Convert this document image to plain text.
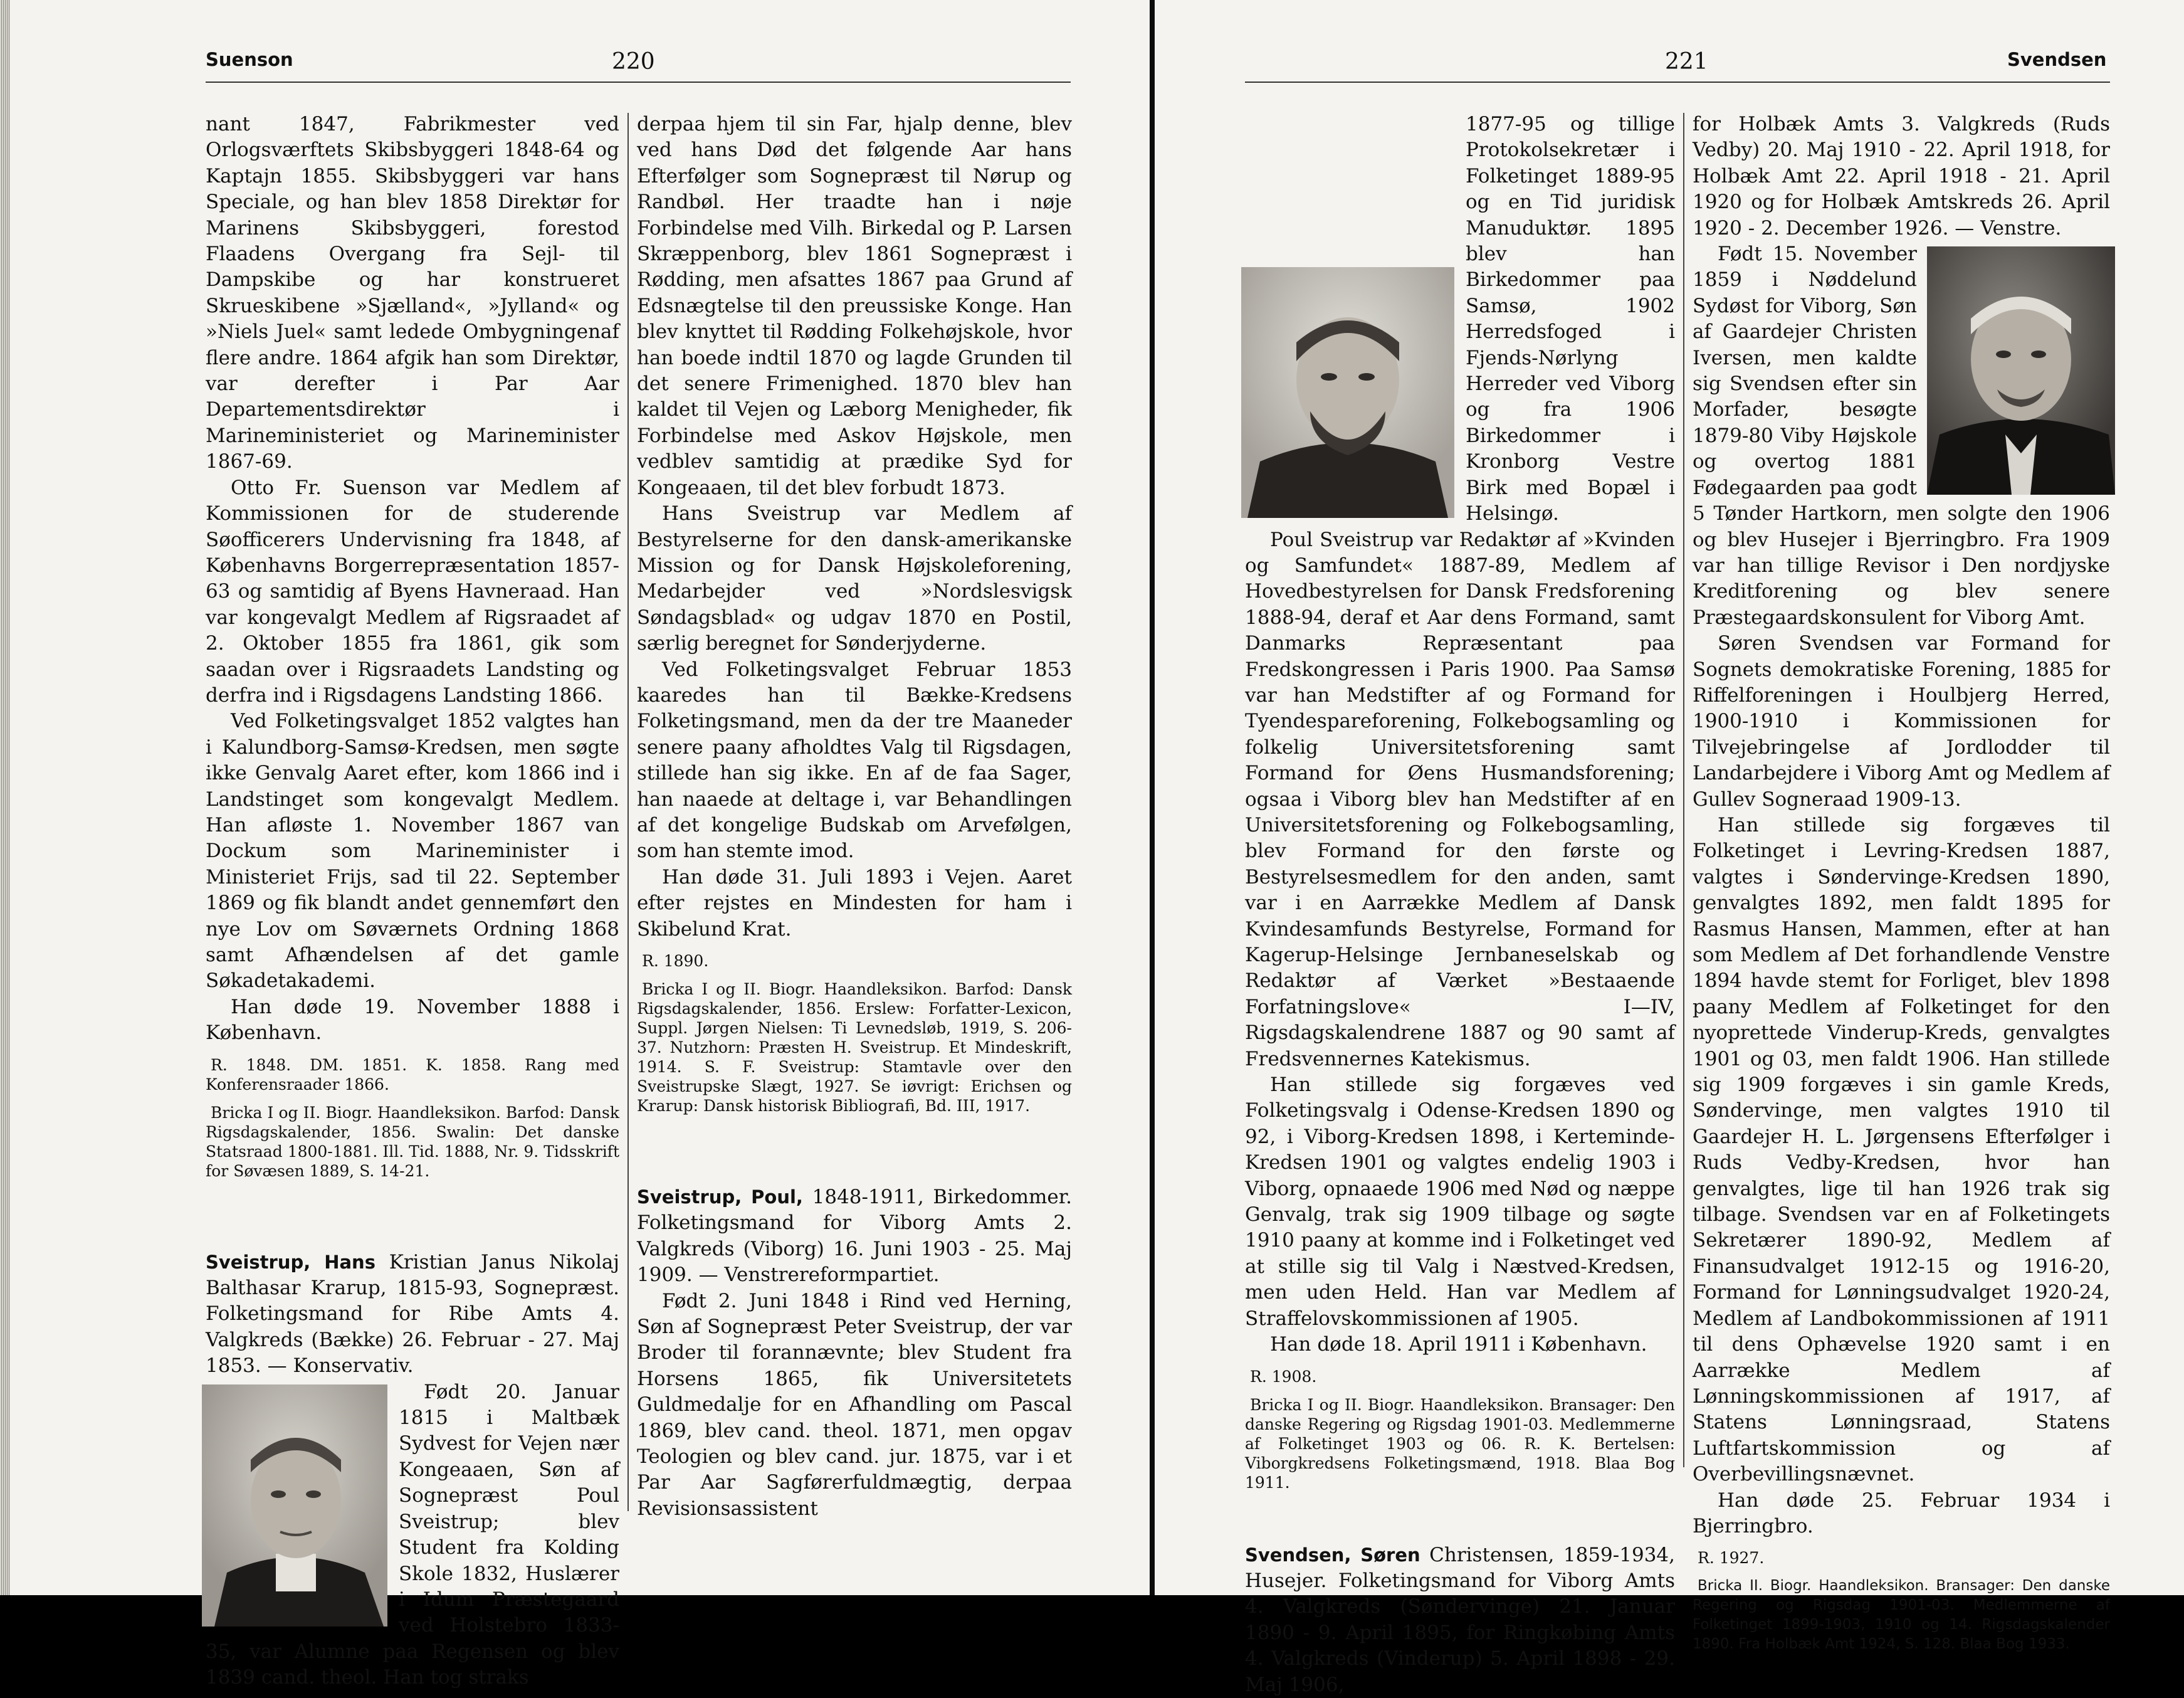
Suenson	220

nant 1847, Fabrikmester ved Orlogsværftets Skibsbyggeri 1848-64 og Kaptajn 1855. Skibsbyggeri var hans Speciale, og han blev 1858 Direktør for Marinens Skibsbyggeri, forestod Flaadens Overgang fra Sejl- til Dampskibe og har konstrueret Skrueskibene »Sjælland«, »Jylland« og »Niels Juel« samt ledede Ombygningenaf flere andre. 1864 afgik han som Direktør, var derefter i Par Aar Departementsdirektør i Marineministeriet og Marineminister 1867-69.

Otto Fr. Suenson var Medlem af Kommissionen for de studerende Søofficerers Undervisning fra 1848, af Københavns Borgerrepræsentation 1857-63 og samtidig af Byens Havneraad. Han var kongevalgt Medlem af Rigsraadet af 2. Oktober 1855 fra 1861, gik som saadan over i Rigsraadets Landsting og derfra ind i Rigsdagens Landsting 1866.

Ved Folketingsvalget 1852 valgtes han i Kalundborg-Samsø-Kredsen, men søgte ikke Genvalg Aaret efter, kom 1866 ind i Landstinget som kongevalgt Medlem. Han afløste 1. November 1867 van Dockum som Marineminister i Ministeriet Frijs, sad til 22. September 1869 og fik blandt andet gennemført den nye Lov om Søværnets Ordning 1868 samt Afhændelsen af det gamle Søkadetakademi.

Han døde 19. November 1888 i København.

R. 1848. DM. 1851. K. 1858. Rang med Konferensraader 1866.

Bricka I og II. Biogr. Haandleksikon. Barfod: Dansk Rigsdagskalender, 1856. Swalin: Det danske Statsraad 1800-1881. Ill. Tid. 1888, Nr. 9. Tidsskrift for Søvæsen 1889, S. 14-21.

Sveistrup, Hans Kristian Janus Nikolaj Balthasar Krarup, 1815-93, Sognepræst. Folketingsmand for Ribe Amts 4. Valgkreds (Bække) 26. Februar - 27. Maj 1853. — Konservativ.

Født 20. Januar 1815 i Maltbæk Sydvest for Vejen nær Kongeaaen, Søn af Sognepræst Poul Sveistrup; blev Student fra Kolding Skole 1832, Huslærer i Idum Præstegaard ved Holstebro 1833-35, var Alumne paa Regensen og blev 1839 cand. theol. Han tog straks

derpaa hjem til sin Far, hjalp denne, blev ved hans Død det følgende Aar hans Efterfølger som Sognepræst til Nørup og Randbøl. Her traadte han i nøje Forbindelse med Vilh. Birkedal og P. Larsen Skræppenborg, blev 1861 Sognepræst i Rødding, men afsattes 1867 paa Grund af Edsnægtelse til den preussiske Konge. Han blev knyttet til Rødding Folkehøjskole, hvor han boede indtil 1870 og lagde Grunden til det senere Frimenighed. 1870 blev han kaldet til Vejen og Læborg Menigheder, fik Forbindelse med Askov Højskole, men vedblev samtidig at prædike Syd for Kongeaaen, til det blev forbudt 1873.

Hans Sveistrup var Medlem af Bestyrelserne for den dansk-amerikanske Mission og for Dansk Højskoleforening, Medarbejder ved »Nordslesvigsk Søndagsblad« og udgav 1870 en Postil, særlig beregnet for Sønderjyderne.

Ved Folketingsvalget Februar 1853 kaaredes han til Bække-Kredsens Folketingsmand, men da der tre Maaneder senere paany afholdtes Valg til Rigsdagen, stillede han sig ikke. En af de faa Sager, han naaede at deltage i, var Behandlingen af det kongelige Budskab om Arvefølgen, som han stemte imod.

Han døde 31. Juli 1893 i Vejen. Aaret efter rejstes en Mindesten for ham i Skibelund Krat.

R. 1890.

Bricka I og II. Biogr. Haandleksikon. Barfod: Dansk Rigsdagskalender, 1856. Erslew: Forfatter-Lexicon, Suppl. Jørgen Nielsen: Ti Levnedsløb, 1919, S. 206-37. Nutzhorn: Præsten H. Sveistrup. Et Mindeskrift, 1914. S. F. Sveistrup: Stamtavle over den Sveistrupske Slægt, 1927. Se iøvrigt: Erichsen og Krarup: Dansk historisk Bibliografi, Bd. III, 1917.

Sveistrup, Poul, 1848-1911, Birkedommer. Folketingsmand for Viborg Amts 2. Valgkreds (Viborg) 16. Juni 1903 - 25. Maj 1909. — Venstrereformpartiet.

Født 2. Juni 1848 i Rind ved Herning, Søn af Sognepræst Peter Sveistrup, der var Broder til forannævnte; blev Student fra Horsens 1865, fik Universitetets Guldmedalje for en Afhandling om Pascal 1869, blev cand. theol. 1871, men opgav Teologien og blev cand. jur. 1875, var i et Par Aar Sagførerfuldmægtig, derpaa Revisionsassistent

221	Svendsen

1877-95 og tillige Protokolsekretær i Folketinget 1889-95 og en Tid juridisk Manuduktør. 1895 blev han Birkedommer paa Samsø, 1902 Herredsfoged i Fjends-Nørlyng Herreder ved Viborg og fra 1906 Birkedommer i Kronborg Vestre Birk med Bopæl i Helsingø.

Poul Sveistrup var Redaktør af »Kvinden og Samfundet« 1887-89, Medlem af Hovedbestyrelsen for Dansk Fredsforening 1888-94, deraf et Aar dens Formand, samt Danmarks Repræsentant paa Fredskongressen i Paris 1900. Paa Samsø var han Medstifter af og Formand for Tyendespareforening, Folkebogsamling og folkelig Universitetsforening samt Formand for Øens Husmandsforening; ogsaa i Viborg blev han Medstifter af en Universitetsforening og Folkebogsamling, blev Formand for den første og Bestyrelsesmedlem for den anden, samt var i en Aarrække Medlem af Dansk Kvindesamfunds Bestyrelse, Formand for Kagerup-Helsinge Jernbaneselskab og Redaktør af Værket »Bestaaende Forfatningslove« I—IV, Rigsdagskalendrene 1887 og 90 samt af Fredsvennernes Katekismus.

Han stillede sig forgæves ved Folketingsvalg i Odense-Kredsen 1890 og 92, i Viborg-Kredsen 1898, i Kerteminde-Kredsen 1901 og valgtes endelig 1903 i Viborg, opnaaede 1906 med Nød og næppe Genvalg, trak sig 1909 tilbage og søgte 1910 paany at komme ind i Folketinget ved at stille sig til Valg i Næstved-Kredsen, men uden Held. Han var Medlem af Straffelovskommissionen af 1905.

Han døde 18. April 1911 i København.

R. 1908.

Bricka I og II. Biogr. Haandleksikon. Bransager: Den danske Regering og Rigsdag 1901-03. Medlemmerne af Folketinget 1903 og 06. R. K. Bertelsen: Viborgkredsens Folketingsmænd, 1918. Blaa Bog 1911.

Svendsen, Søren Christensen, 1859-1934, Husejer. Folketingsmand for Viborg Amts 4. Valgkreds (Søndervinge) 21. Januar 1890 - 9. April 1895, for Ringkøbing Amts 4. Valgkreds (Vinderup) 5. April 1898 - 29. Maj 1906,

for Holbæk Amts 3. Valgkreds (Ruds Vedby) 20. Maj 1910 - 22. April 1918, for Holbæk Amt 22. April 1918 - 21. April 1920 og for Holbæk Amtskreds 26. April 1920 - 2. December 1926. — Venstre.

Født 15. November 1859 i Nøddelund Sydøst for Viborg, Søn af Gaardejer Christen Iversen, men kaldte sig Svendsen efter sin Morfader, besøgte 1879-80 Viby Højskole og overtog 1881 Fødegaarden paa godt 5 Tønder Hartkorn, men solgte den 1906 og blev Husejer i Bjerringbro. Fra 1909 var han tillige Revisor i Den nordjyske Kreditforening og blev senere Præstegaardskonsulent for Viborg Amt.

Søren Svendsen var Formand for Sognets demokratiske Forening, 1885 for Riffelforeningen i Houlbjerg Herred, 1900-1910 i Kommissionen for Tilvejebringelse af Jordlodder til Landarbejdere i Viborg Amt og Medlem af Gullev Sogneraad 1909-13.

Han stillede sig forgæves til Folketinget i Levring-Kredsen 1887, valgtes i Søndervinge-Kredsen 1890, genvalgtes 1892, men faldt 1895 for Rasmus Hansen, Mammen, efter at han som Medlem af Det forhandlende Venstre 1894 havde stemt for Forliget, blev 1898 paany Medlem af Folketinget for den nyoprettede Vinderup-Kreds, genvalgtes 1901 og 03, men faldt 1906. Han stillede sig 1909 forgæves i sin gamle Kreds, Søndervinge, men valgtes 1910 til Gaardejer H. L. Jørgensens Efterfølger i Ruds Vedby-Kredsen, hvor han genvalgtes, lige til han 1926 trak sig tilbage. Svendsen var en af Folketingets Sekretærer 1890-92, Medlem af Finansudvalget 1912-15 og 1916-20, Formand for Lønningsudvalget 1920-24, Medlem af Landbokommissionen af 1911 til dens Ophævelse 1920 samt i en Aarrække Medlem af Lønningskommissionen af 1917, af Statens Lønningsraad, Statens Luftfartskommission og af Overbevillingsnævnet.

Han døde 25. Februar 1934 i Bjerringbro.

R. 1927.

Bricka II. Biogr. Haandleksikon. Bransager: Den danske Regering og Rigsdag 1901-03. Medlemmerne af Folketinget 1899-1903, 1910 og 14. Rigsdagskalender 1890. Fra Holbæk Amt 1924, S. 128. Blaa Bog 1933.
